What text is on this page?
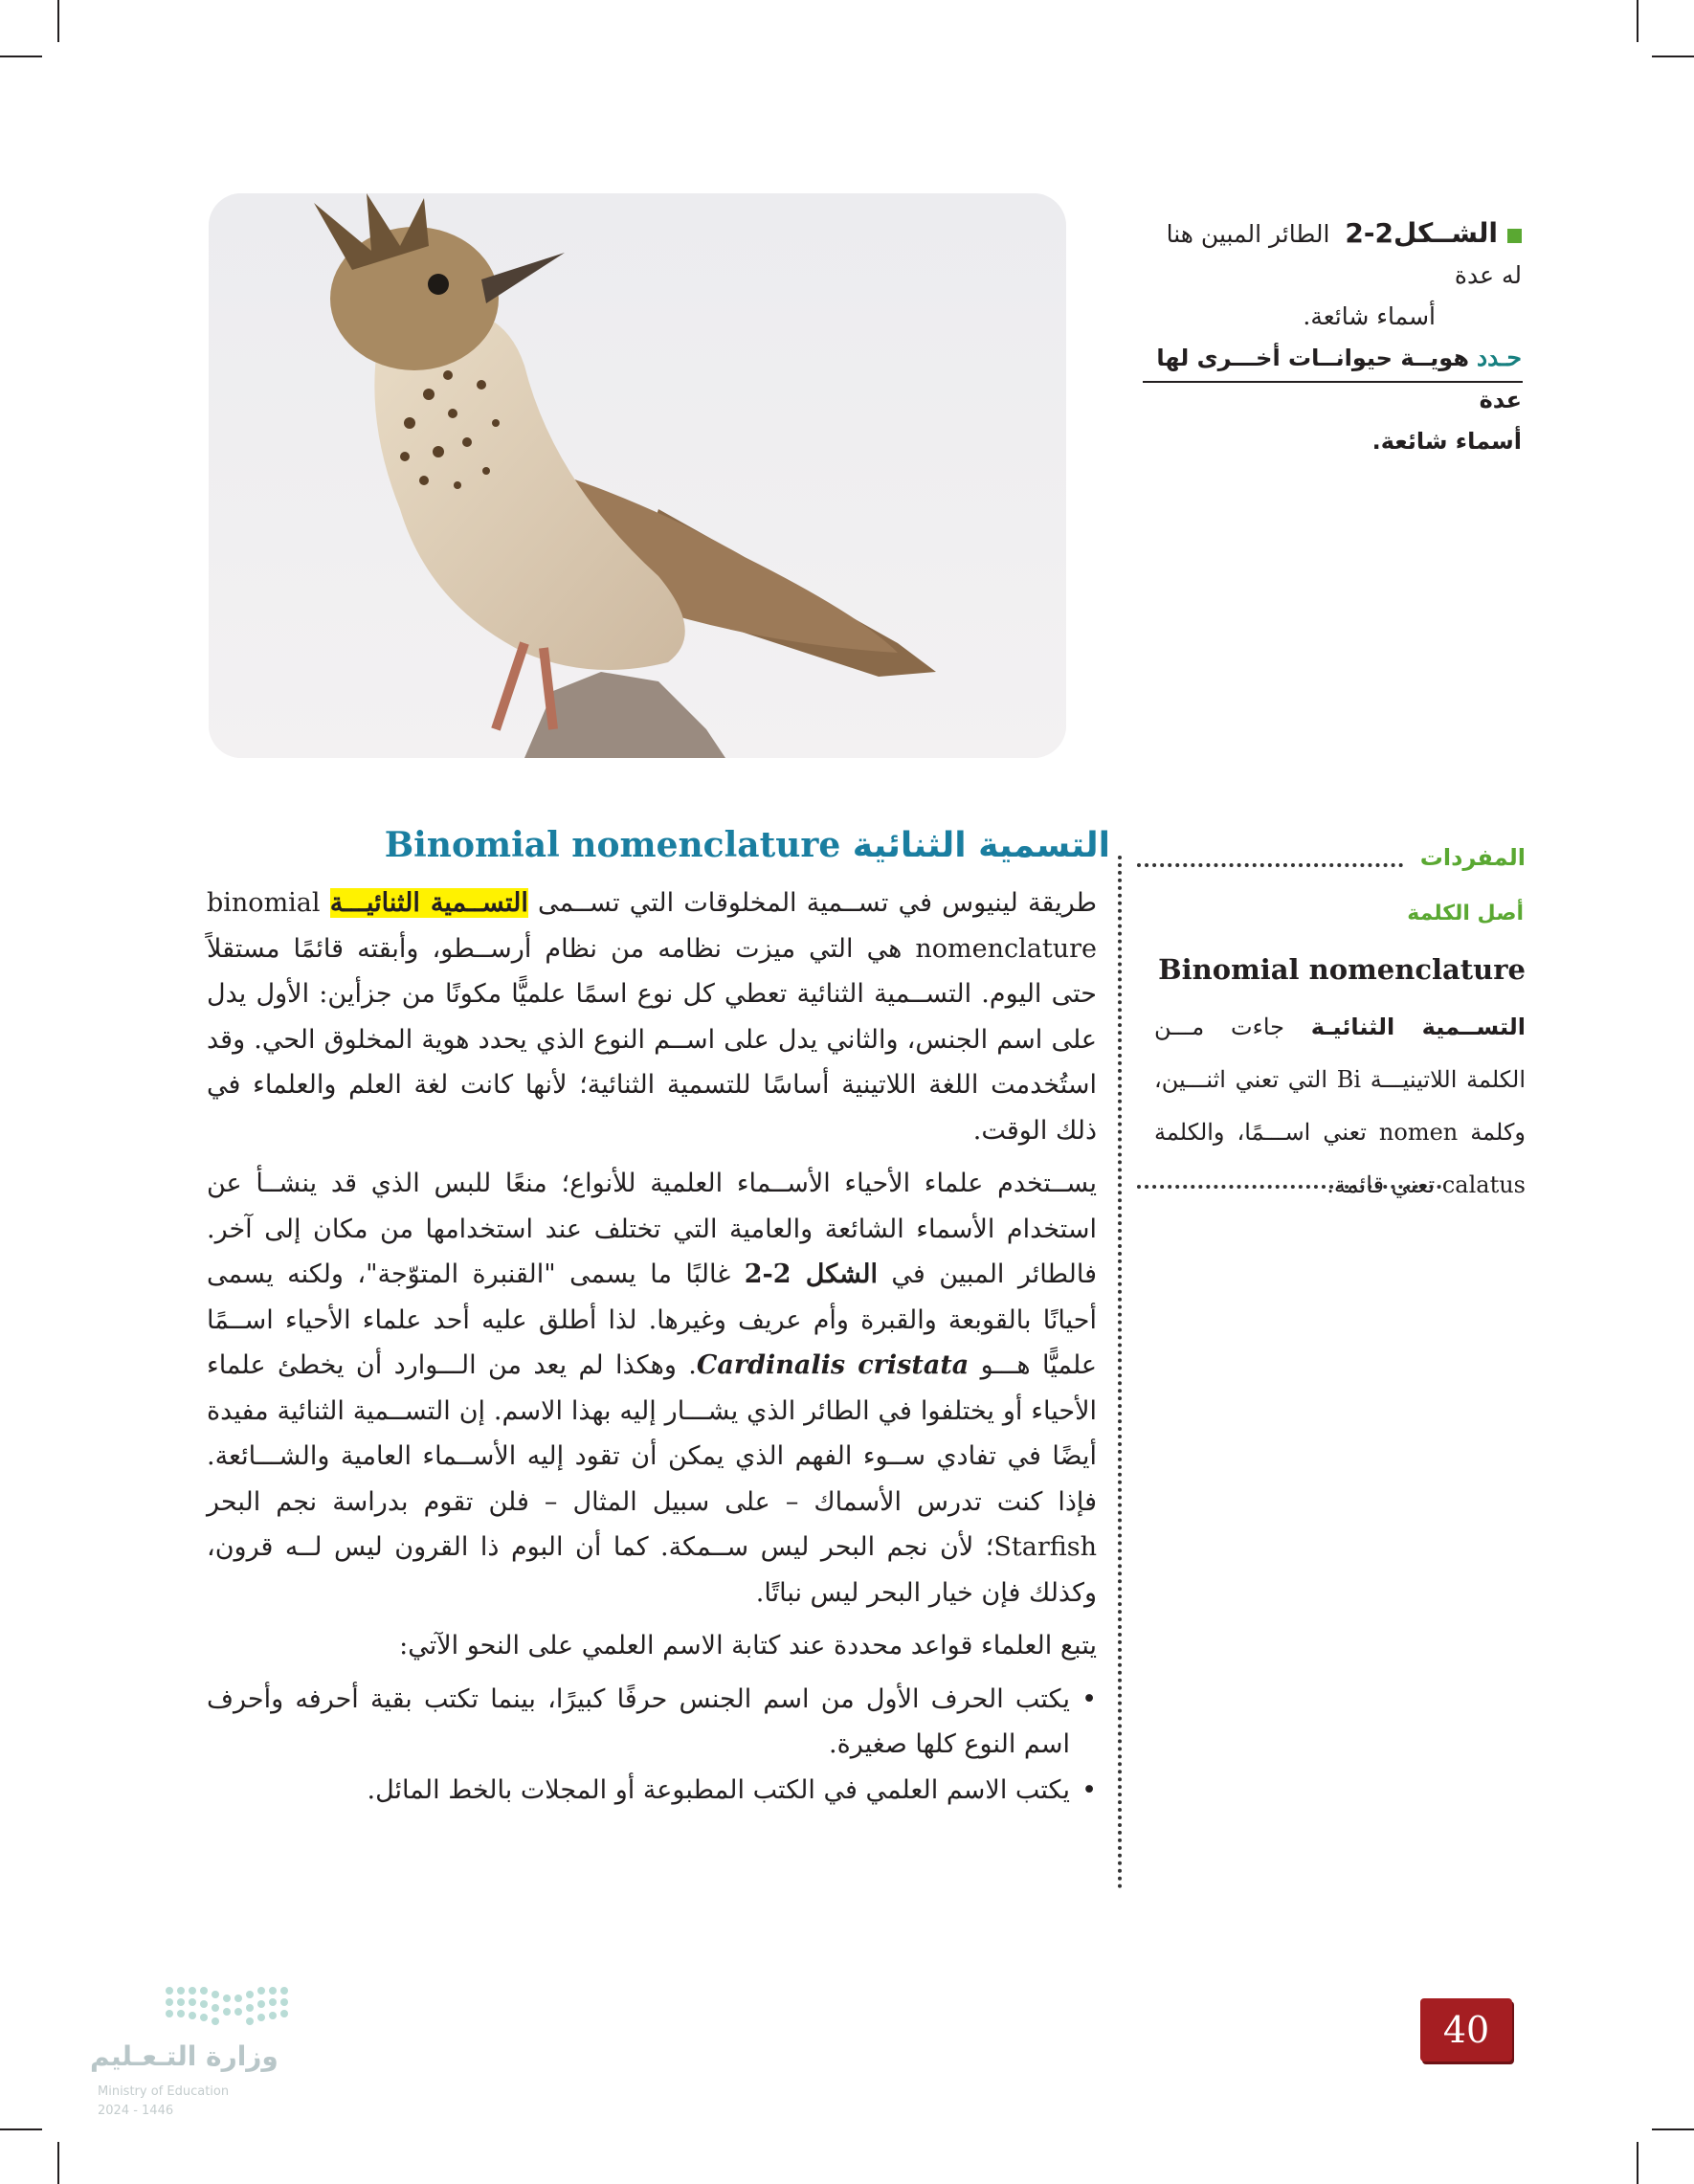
الشــكل2-2  الطائر المبين هنا له عدة
أسماء شائعة.
حـدد هويــة حيوانــات أخـــرى لها عدة
أسماء شائعة.
المفردات
أصل الكلمة
Binomial nomenclature
التســمية الثنائيـة جاءت مـــن الكلمة اللاتينيـــة Bi التي تعني اثنـــين، وكلمة nomen تعني اســـمًا، والكلمة calatus تعني قائمة.
التسمية الثنائية Binomial nomenclature

طريقة لينيوس في تســمية المخلوقات التي تســمى التســمية الثنائيـــة binomial nomenclature هي التي ميزت نظامه من نظام أرســطو، وأبقته قائمًا مستقلاً حتى اليوم. التســمية الثنائية تعطي كل نوع اسمًا علميًّا مكونًا من جزأين: الأول يدل على اسم الجنس، والثاني يدل على اســم النوع الذي يحدد هوية المخلوق الحي. وقد استُخدمت اللغة اللاتينية أساسًا للتسمية الثنائية؛ لأنها كانت لغة العلم والعلماء في ذلك الوقت.

يســتخدم علماء الأحياء الأســماء العلمية للأنواع؛ منعًا للبس الذي قد ينشــأ عن استخدام الأسماء الشائعة والعامية التي تختلف عند استخدامها من مكان إلى آخر. فالطائر المبين في الشكل 2-2 غالبًا ما يسمى "القنبرة المتوّجة"، ولكنه يسمى أحيانًا بالقوبعة والقبرة وأم عريف وغيرها. لذا أطلق عليه أحد علماء الأحياء اســمًا علميًّا هـــو Cardinalis cristata. وهكذا لم يعد من الـــوارد أن يخطئ علماء الأحياء أو يختلفوا في الطائر الذي يشـــار إليه بهذا الاسم. إن التســمية الثنائية مفيدة أيضًا في تفادي ســوء الفهم الذي يمكن أن تقود إليه الأســماء العامية والشـــائعة. فإذا كنت تدرس الأسماك – على سبيل المثال – فلن تقوم بدراسة نجم البحر Starfish؛ لأن نجم البحر ليس ســمكة. كما أن البوم ذا القرون ليس لــه قرون، وكذلك فإن خيار البحر ليس نباتًا.

يتبع العلماء قواعد محددة عند كتابة الاسم العلمي على النحو الآتي:

• يكتب الحرف الأول من اسم الجنس حرفًا كبيرًا، بينما تكتب بقية أحرفه وأحرف اسم النوع كلها صغيرة.
• يكتب الاسم العلمي في الكتب المطبوعة أو المجلات بالخط المائل.
وزارة التـعـليم
Ministry of Education
2024 - 1446
40
